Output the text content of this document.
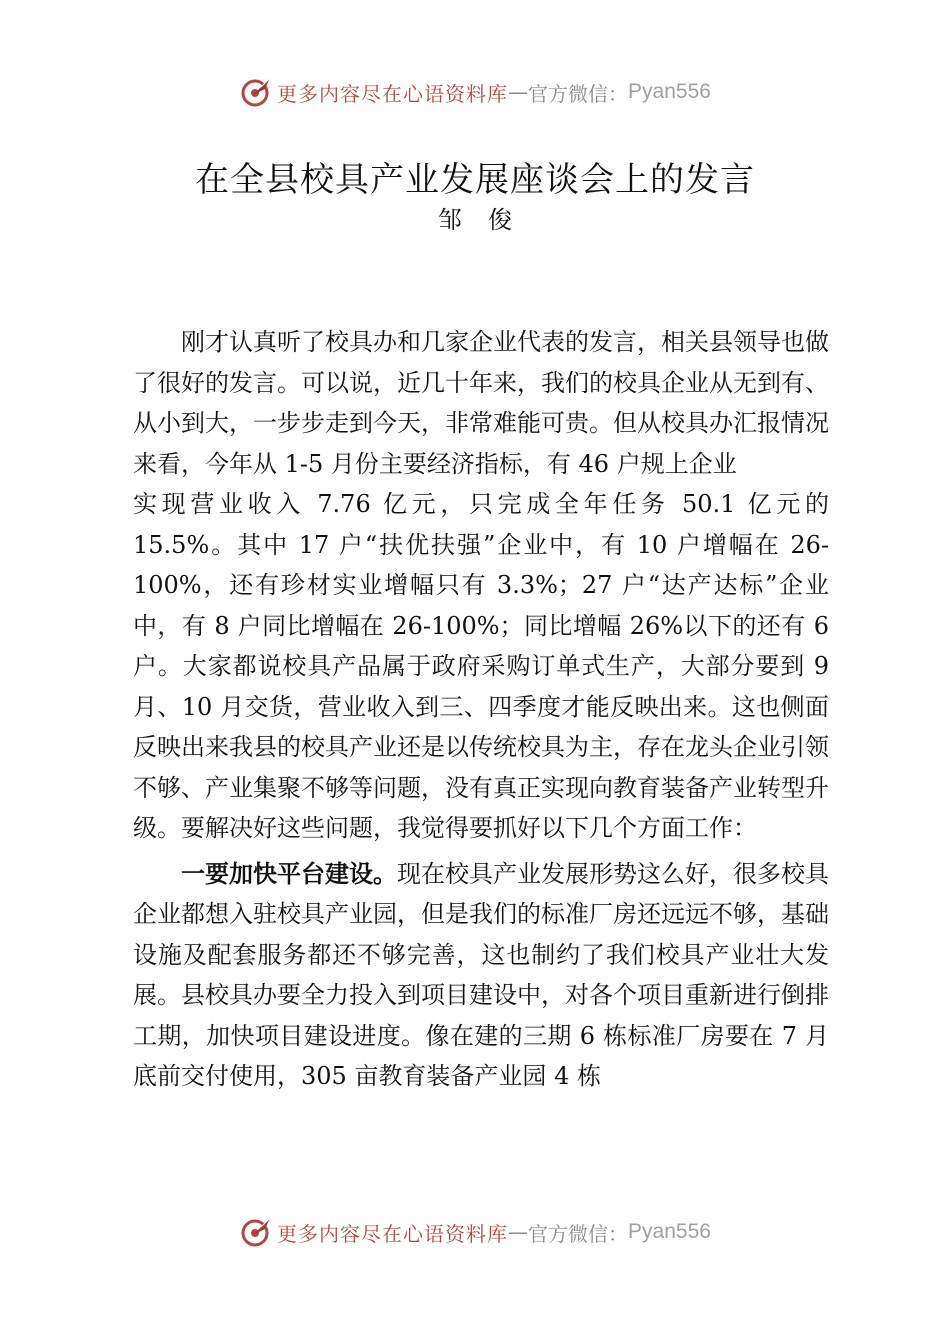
更多内容尽在心语资料库 — 官方微信： Pyan556
在全县校具产业发展座谈会上的发言
邹俊

刚才认真听了校具办和几家企业代表的发言，相关县领导也做了很好的发言。可以说，近几十年来，我们的校具企业从无到有、从小到大，一步步走到今天，非常难能可贵。但从校具办汇报情况来看，今年从 1-5 月份主要经济指标，有 46 户规上企业

实现营业收入 7.76 亿元，只完成全年任务 50.1 亿元的 15.5%。其中 17 户“扶优扶强”企业中，有 10 户增幅在 26-100%，还有珍材实业增幅只有 3.3%；27 户“达产达标”企业中，有 8 户同比增幅在 26-100%；同比增幅 26%以下的还有 6 户。大家都说校具产品属于政府采购订单式生产，大部分要到 9 月、10 月交货，营业收入到三、四季度才能反映出来。这也侧面反映出来我县的校具产业还是以传统校具为主，存在龙头企业引领不够、产业集聚不够等问题，没有真正实现向教育装备产业转型升级。要解决好这些问题，我觉得要抓好以下几个方面工作：

一要加快平台建设。现在校具产业发展形势这么好，很多校具企业都想入驻校具产业园，但是我们的标准厂房还远远不够，基础设施及配套服务都还不够完善，这也制约了我们校具产业壮大发展。县校具办要全力投入到项目建设中，对各个项目重新进行倒排工期，加快项目建设进度。像在建的三期 6 栋标准厂房要在 7 月底前交付使用，305 亩教育装备产业园 4 栋

更多内容尽在心语资料库 — 官方微信： Pyan556
